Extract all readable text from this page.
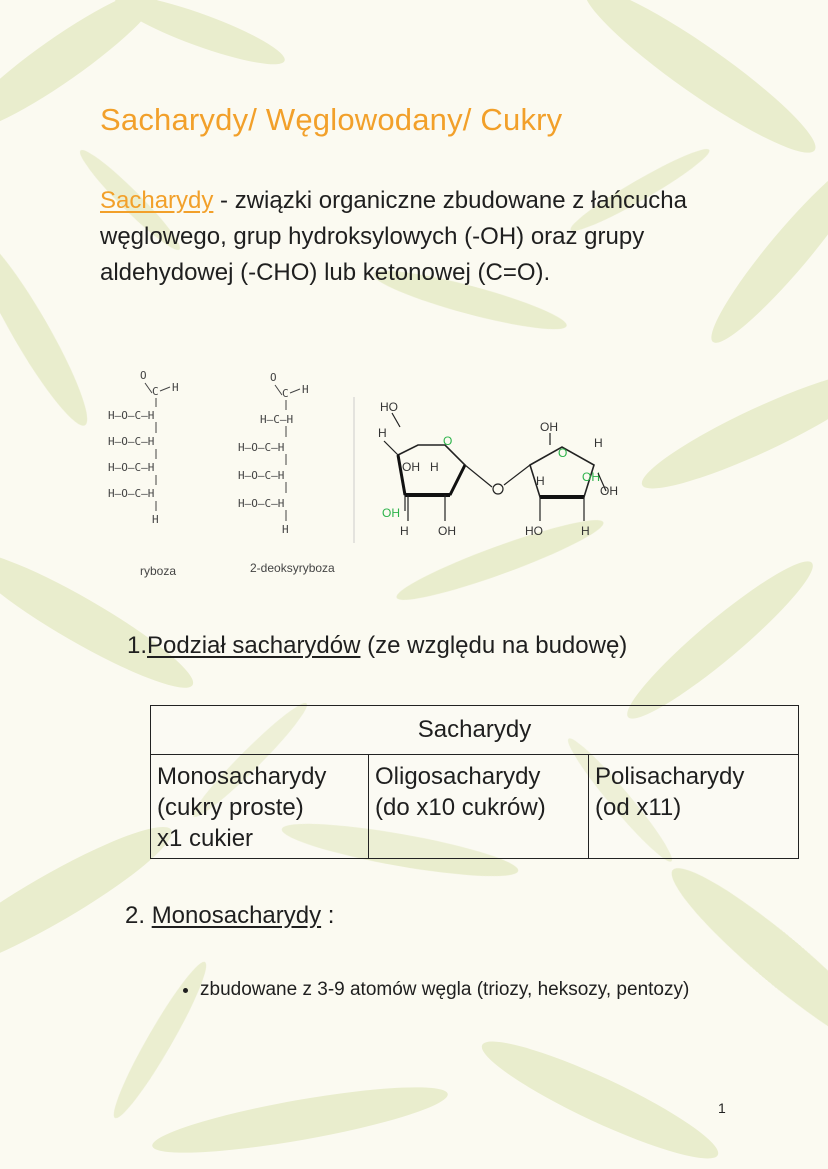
Sacharydy/ Węglowodany/ Cukry

Sacharydy - związki organiczne zbudowane z łańcucha węglowego, grup hydroksylowych (-OH) oraz grupy aldehydowej (-CHO) lub ketonowej (C=O).

O
C H
H—O—C—H
H—O—C—H
H—O—C—H
H—O—C—H
H
ryboza
O
C H
H—C—H
H—O—C—H
H—O—C—H
H—O—C—H
H
2-deoksyryboza
HO
H
O
OH H
OH
H OH
O
OH
H
H
OH
OH
HO	H
1.Podział sacharydów (ze względu na budowę)
Sacharydy

Monosacharydy
(cukry proste)
x1 cukier

Oligosacharydy
(do x10 cukrów)

Polisacharydy
(od x11)
2. Monosacharydy :
• zbudowane z 3-9 atomów węgla (triozy, heksozy, pentozy)
1
